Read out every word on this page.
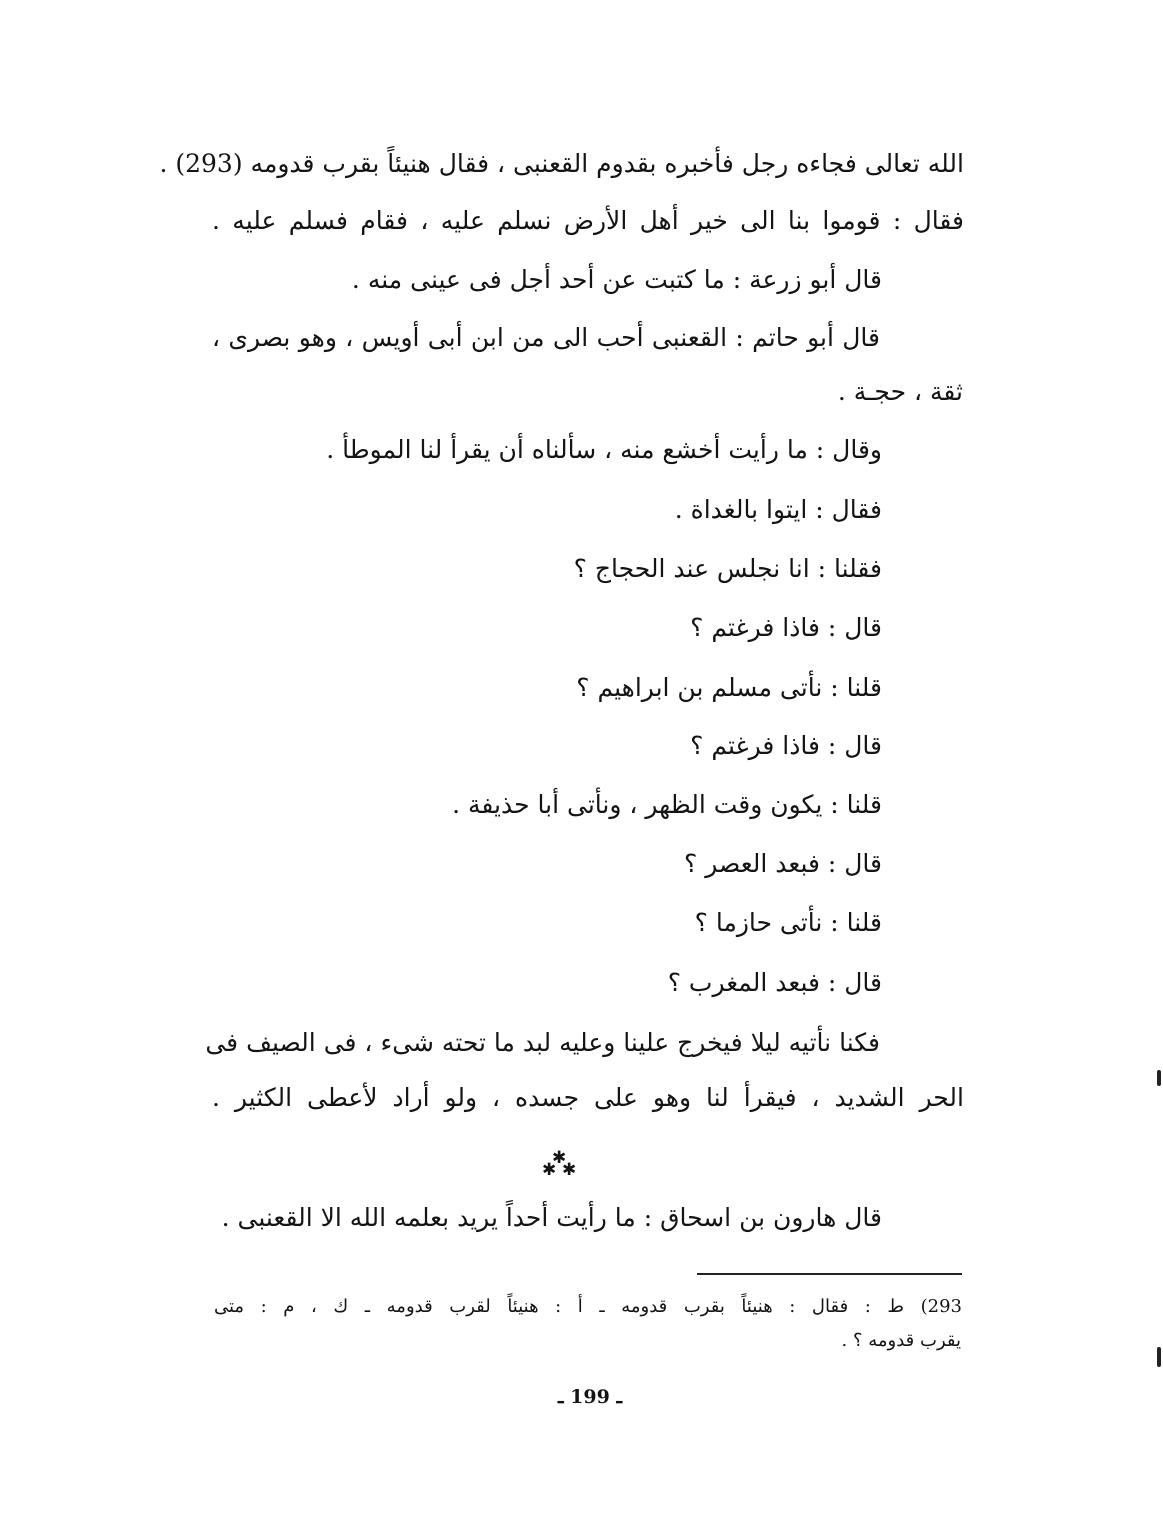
الله تعالى فجاءه رجل فأخبره بقدوم القعنبى ، فقال هنيئاً بقرب قدومه (293) .
فقال : قوموا بنا الى خير أهل الأرض نسلم عليه ، فقام فسلم عليه .
قال أبو زرعة : ما كتبت عن أحد أجل فى عينى منه .
قال أبو حاتم : القعنبى أحب الى من ابن أبى أويس ، وهو بصرى ،
ثقة ، حجـة .
وقال : ما رأيت أخشع منه ، سألناه أن يقرأ لنا الموطأ .
فقال : ايتوا بالغداة .
فقلنا : انا نجلس عند الحجاج ؟
قال : فاذا فرغتم ؟
قلنا : نأتى مسلم بن ابراهيم ؟
قال : فاذا فرغتم ؟
قلنا : يكون وقت الظهر ، ونأتى أبا حذيفة .
قال : فبعد العصر ؟
قلنا : نأتى حازما ؟
قال : فبعد المغرب ؟
فكنا نأتيه ليلا فيخرج علينا وعليه لبد ما تحته شىء ، فى الصيف فى
الحر الشديد ، فيقرأ لنا وهو على جسده ، ولو أراد لأعطى الكثير .
✱
✱
✱
قال هارون بن اسحاق : ما رأيت أحداً يريد بعلمه الله الا القعنبى .
293) ط : فقال : هنيئاً بقرب قدومه ـ أ : هنيئاً لقرب قدومه ـ ك ، م : متى
يقرب قدومه ؟ .
ـ 199 ـ
